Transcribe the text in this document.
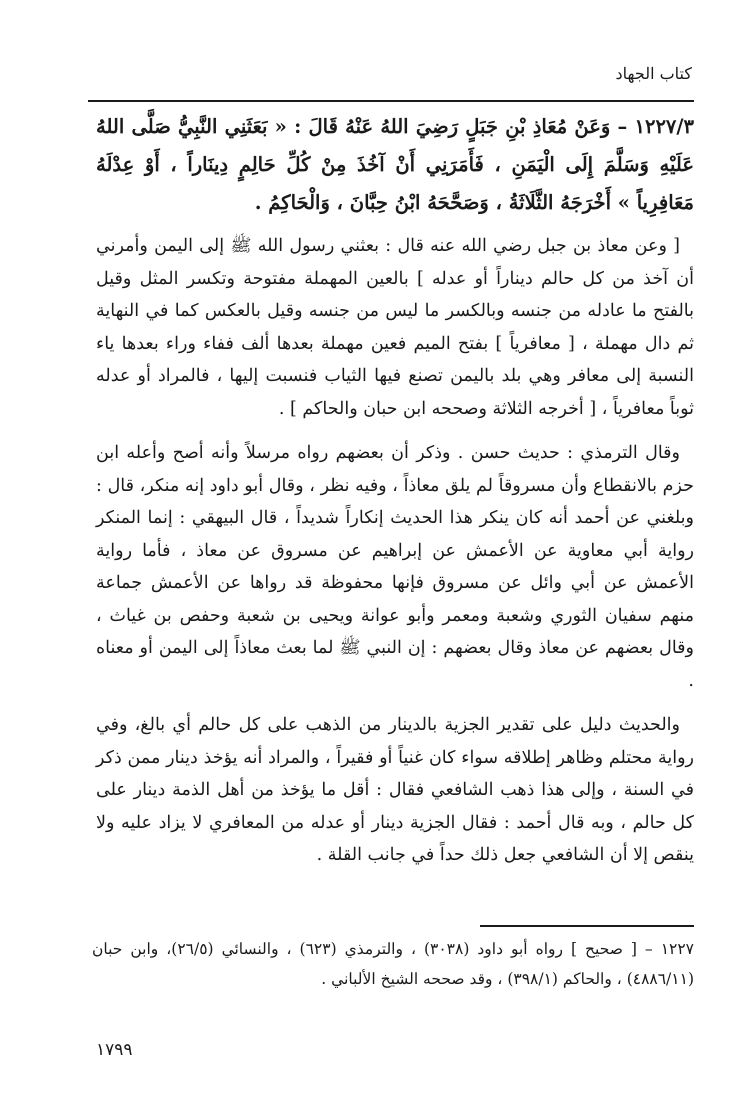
كتاب الجهاد

١٢٢٧/٣ – وَعَنْ مُعَاذِ بْنِ جَبَلٍ رَضِيَ اللهُ عَنْهُ قَالَ : « بَعَثَنِي النَّبِيُّ صَلَّى اللهُ عَلَيْهِ وَسَلَّمَ إِلَى الْيَمَنِ ، فَأَمَرَنِي أَنْ آخُذَ مِنْ كُلِّ حَالِمٍ دِينَاراً ، أَوْ عِدْلَهُ مَعَافِرِياً » أَخْرَجَهُ الثَّلَاثَةُ ، وَصَحَّحَهُ ابْنُ حِبَّانَ ، وَالْحَاكِمُ .

[ وعن معاذ بن جبل رضي الله عنه قال : بعثني رسول الله ﷺ إلى اليمن وأمرني أن آخذ من كل حالم ديناراً أو عدله ] بالعين المهملة مفتوحة وتكسر المثل وقيل بالفتح ما عادله من جنسه وبالكسر ما ليس من جنسه وقيل بالعكس كما في النهاية ثم دال مهملة ، [ معافرياً ] بفتح الميم فعين مهملة بعدها ألف ففاء وراء بعدها ياء النسبة إلى معافر وهي بلد باليمن تصنع فيها الثياب فنسبت إليها ، فالمراد أو عدله ثوباً معافرياً ، [ أخرجه الثلاثة وصححه ابن حبان والحاكم ] .

وقال الترمذي : حديث حسن . وذكر أن بعضهم رواه مرسلاً وأنه أصح وأعله ابن حزم بالانقطاع وأن مسروقاً لم يلق معاذاً ، وفيه نظر ، وقال أبو داود إنه منكر، قال : وبلغني عن أحمد أنه كان ينكر هذا الحديث إنكاراً شديداً ، قال البيهقي : إنما المنكر رواية أبي معاوية عن الأعمش عن إبراهيم عن مسروق عن معاذ ، فأما رواية الأعمش عن أبي وائل عن مسروق فإنها محفوظة قد رواها عن الأعمش جماعة منهم سفيان الثوري وشعبة ومعمر وأبو عوانة ويحيى بن شعبة وحفص بن غياث ، وقال بعضهم عن معاذ وقال بعضهم : إن النبي ﷺ لما بعث معاذاً إلى اليمن أو معناه .

والحديث دليل على تقدير الجزية بالدينار من الذهب على كل حالم أي بالغ، وفي رواية محتلم وظاهر إطلاقه سواء كان غنياً أو فقيراً ، والمراد أنه يؤخذ دينار ممن ذكر في السنة ، وإلى هذا ذهب الشافعي فقال : أقل ما يؤخذ من أهل الذمة دينار على كل حالم ، وبه قال أحمد : فقال الجزية دينار أو عدله من المعافري لا يزاد عليه ولا ينقص إلا أن الشافعي جعل ذلك حداً في جانب القلة .

١٢٢٧ – [ صحيح ] رواه أبو داود (٣٠٣٨) ، والترمذي (٦٢٣) ، والنسائي (٢٦/٥)، وابن حبان (٤٨٨٦/١١) ، والحاكم (٣٩٨/١) ، وقد صححه الشيخ الألباني .
١٧٩٩
